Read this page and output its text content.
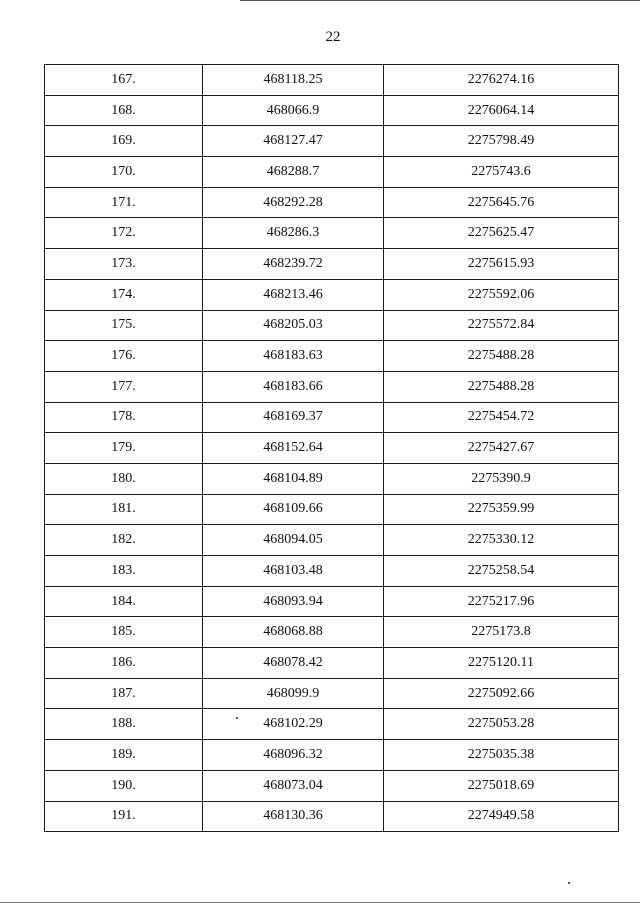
22
167.	468118.25	2276274.16
168.	468066.9	2276064.14
169.	468127.47	2275798.49
170.	468288.7	2275743.6
171.	468292.28	2275645.76
172.	468286.3	2275625.47
173.	468239.72	2275615.93
174.	468213.46	2275592.06
175.	468205.03	2275572.84
176.	468183.63	2275488.28
177.	468183.66	2275488.28
178.	468169.37	2275454.72
179.	468152.64	2275427.67
180.	468104.89	2275390.9
181.	468109.66	2275359.99
182.	468094.05	2275330.12
183.	468103.48	2275258.54
184.	468093.94	2275217.96
185.	468068.88	2275173.8
186.	468078.42	2275120.11
187.	468099.9	2275092.66
188.	468102.29	2275053.28
189.	468096.32	2275035.38
190.	468073.04	2275018.69
191.	468130.36	2274949.58
